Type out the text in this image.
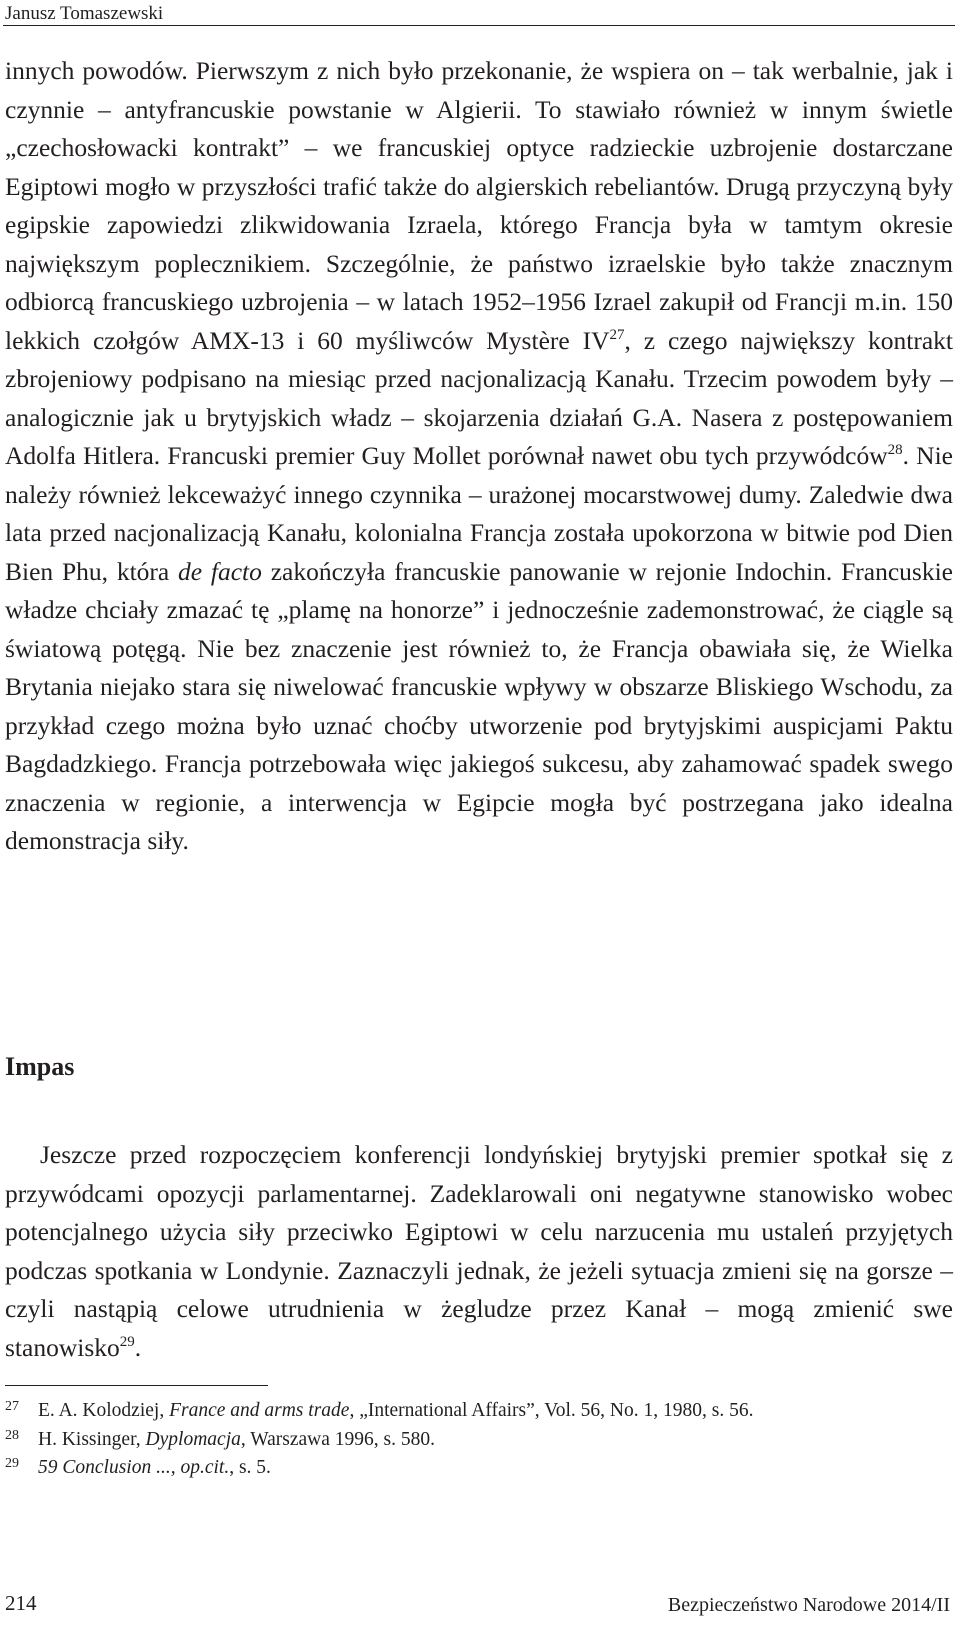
Janusz Tomaszewski

innych powodów. Pierwszym z nich było przekonanie, że wspiera on – tak werbalnie, jak i czynnie – antyfrancuskie powstanie w Algierii. To stawiało również w innym świetle „czechosłowacki kontrakt” – we francuskiej optyce radzieckie uzbrojenie dostarczane Egiptowi mogło w przyszłości trafić także do algierskich rebeliantów. Drugą przyczyną były egipskie zapowiedzi zlikwidowania Izraela, którego Francja była w tamtym okresie największym poplecznikiem. Szczególnie, że państwo izraelskie było także znacznym odbiorcą francuskiego uzbrojenia – w latach 1952–1956 Izrael zakupił od Francji m.in. 150 lekkich czołgów AMX-13 i 60 myśliwców Mystère IV$^{27}$, z czego największy kontrakt zbrojeniowy podpisano na miesiąc przed nacjonalizacją Kanału. Trzecim powodem były – analogicznie jak u brytyjskich władz – skojarzenia działań G.A. Nasera z postępowaniem Adolfa Hitlera. Francuski premier Guy Mollet porównał nawet obu tych przywódców$^{28}$. Nie należy również lekceważyć innego czynnika – urażonej mocarstwowej dumy. Zaledwie dwa lata przed nacjonalizacją Kanału, kolonialna Francja została upokorzona w bitwie pod Dien Bien Phu, która de facto zakończyła francuskie panowanie w rejonie Indochin. Francuskie władze chciały zmazać tę „plamę na honorze” i jednocześnie zademonstrować, że ciągle są światową potęgą. Nie bez znaczenie jest również to, że Francja obawiała się, że Wielka Brytania niejako stara się niwelować francuskie wpływy w obszarze Bliskiego Wschodu, za przykład czego można było uznać choćby utworzenie pod brytyjskimi auspicjami Paktu Bagdadzkiego. Francja potrzebowała więc jakiegoś sukcesu, aby zahamować spadek swego znaczenia w regionie, a interwencja w Egipcie mogła być postrzegana jako idealna demonstracja siły.

Impas

Jeszcze przed rozpoczęciem konferencji londyńskiej brytyjski premier spotkał się z przywódcami opozycji parlamentarnej. Zadeklarowali oni negatywne stanowisko wobec potencjalnego użycia siły przeciwko Egiptowi w celu narzucenia mu ustaleń przyjętych podczas spotkania w Londynie. Zaznaczyli jednak, że jeżeli sytuacja zmieni się na gorsze – czyli nastąpią celowe utrudnienia w żegludze przez Kanał – mogą zmienić swe stanowisko$^{29}$.

27 E. A. Kolodziej, France and arms trade, „International Affairs”, Vol. 56, No. 1, 1980, s. 56.
28 H. Kissinger, Dyplomacja, Warszawa 1996, s. 580.
29 59 Conclusion ..., op.cit., s. 5.
214	Bezpieczeństwo Narodowe 2014/II
